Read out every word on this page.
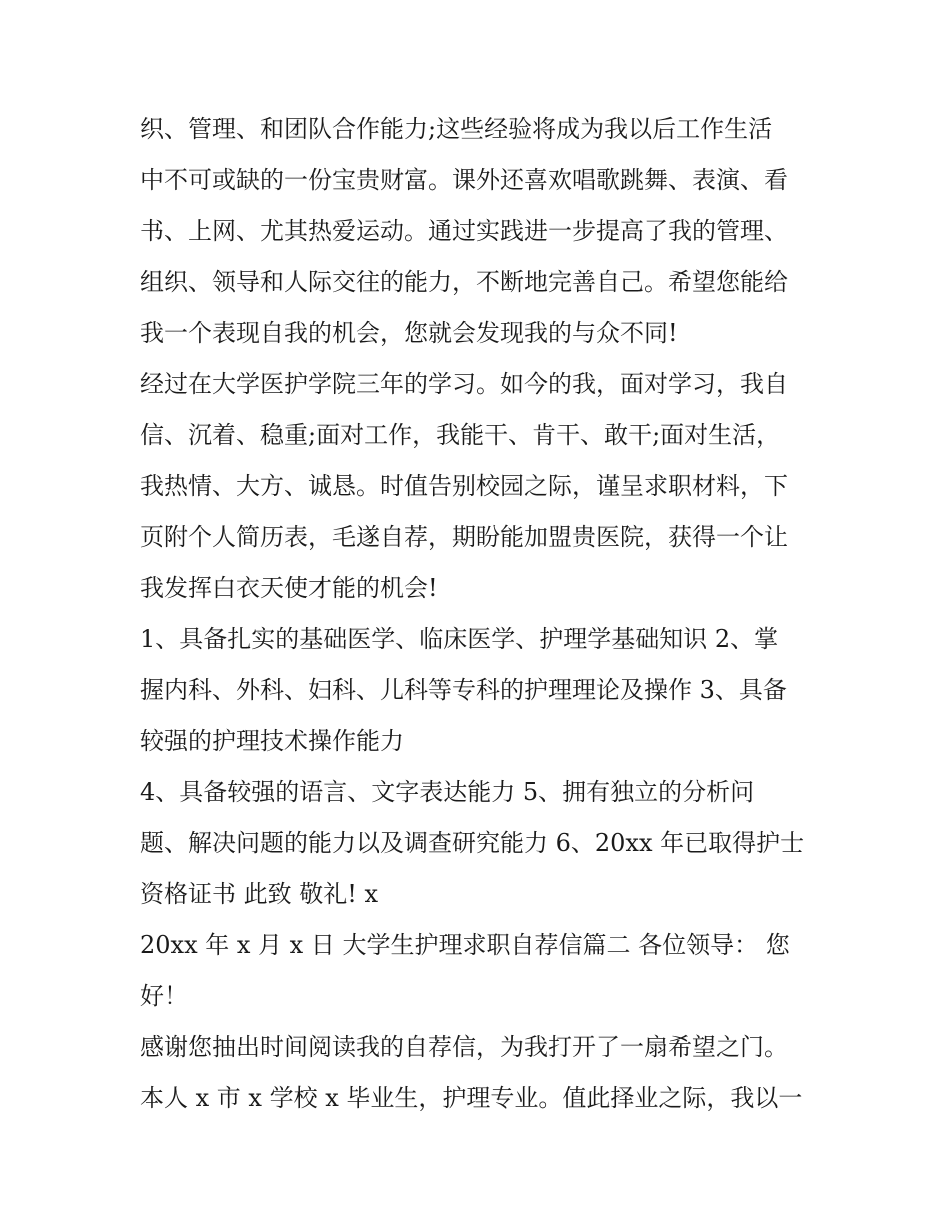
织、管理、和团队合作能力;这些经验将成为我以后工作生活
中不可或缺的一份宝贵财富。课外还喜欢唱歌跳舞、表演、看
书、上网、尤其热爱运动。通过实践进一步提高了我的管理、
组织、领导和人际交往的能力，不断地完善自己。希望您能给
我一个表现自我的机会，您就会发现我的与众不同!
经过在大学医护学院三年的学习。如今的我，面对学习，我自
信、沉着、稳重;面对工作，我能干、肯干、敢干;面对生活，
我热情、大方、诚恳。时值告别校园之际，谨呈求职材料，下
页附个人简历表，毛遂自荐，期盼能加盟贵医院，获得一个让
我发挥白衣天使才能的机会!
1、具备扎实的基础医学、临床医学、护理学基础知识 2、掌
握内科、外科、妇科、儿科等专科的护理理论及操作 3、具备
较强的护理技术操作能力
4、具备较强的语言、文字表达能力 5、拥有独立的分析问
题、解决问题的能力以及调查研究能力 6、20xx 年已取得护士
资格证书 此致 敬礼! x
20xx 年 x 月 x 日 大学生护理求职自荐信篇二 各位领导： 您
好！
感谢您抽出时间阅读我的自荐信，为我打开了一扇希望之门。
本人 x 市 x 学校 x 毕业生，护理专业。值此择业之际，我以一
